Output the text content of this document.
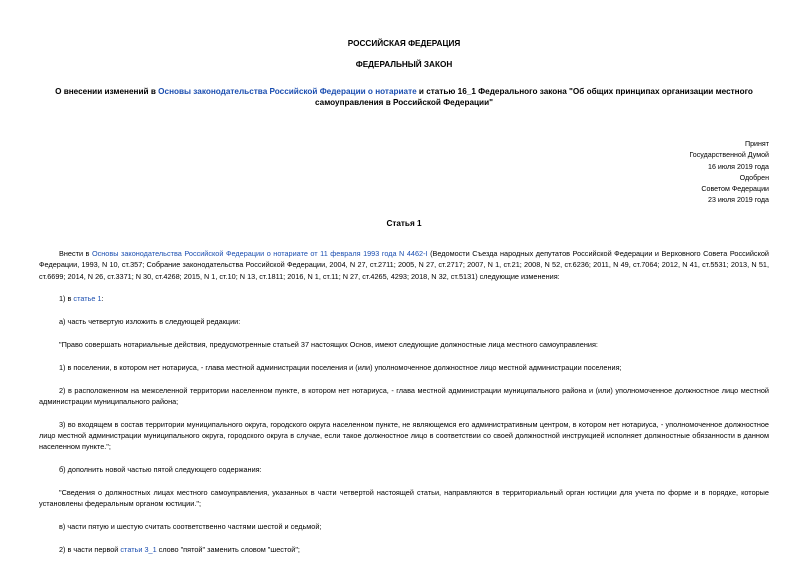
РОССИЙСКАЯ ФЕДЕРАЦИЯ
ФЕДЕРАЛЬНЫЙ ЗАКОН
О внесении изменений в Основы законодательства Российской Федерации о нотариате и статью 16_1 Федерального закона "Об общих принципах организации местного самоуправления в Российской Федерации"
Принят
Государственной Думой
16 июля 2019 года
Одобрен
Советом Федерации
23 июля 2019 года
Статья 1

Внести в Основы законодательства Российской Федерации о нотариате от 11 февраля 1993 года N 4462-I (Ведомости Съезда народных депутатов Российской Федерации и Верховного Совета Российской Федерации, 1993, N 10, ст.357; Собрание законодательства Российской Федерации, 2004, N 27, ст.2711; 2005, N 27, ст.2717; 2007, N 1, ст.21; 2008, N 52, ст.6236; 2011, N 49, ст.7064; 2012, N 41, ст.5531; 2013, N 51, ст.6699; 2014, N 26, ст.3371; N 30, ст.4268; 2015, N 1, ст.10; N 13, ст.1811; 2016, N 1, ст.11; N 27, ст.4265, 4293; 2018, N 32, ст.5131) следующие изменения:

1) в статье 1:

а) часть четвертую изложить в следующей редакции:

"Право совершать нотариальные действия, предусмотренные статьей 37 настоящих Основ, имеют следующие должностные лица местного самоуправления:

1) в поселении, в котором нет нотариуса, - глава местной администрации поселения и (или) уполномоченное должностное лицо местной администрации поселения;

2) в расположенном на межселенной территории населенном пункте, в котором нет нотариуса, - глава местной администрации муниципального района и (или) уполномоченное должностное лицо местной администрации муниципального района;

3) во входящем в состав территории муниципального округа, городского округа населенном пункте, не являющемся его административным центром, в котором нет нотариуса, - уполномоченное должностное лицо местной администрации муниципального округа, городского округа в случае, если такое должностное лицо в соответствии со своей должностной инструкцией исполняет должностные обязанности в данном населенном пункте.";

б) дополнить новой частью пятой следующего содержания:

"Сведения о должностных лицах местного самоуправления, указанных в части четвертой настоящей статьи, направляются в территориальный орган юстиции для учета по форме и в порядке, которые установлены федеральным органом юстиции.";

в) части пятую и шестую считать соответственно частями шестой и седьмой;

2) в части первой статьи 3_1 слово "пятой" заменить словом "шестой";
